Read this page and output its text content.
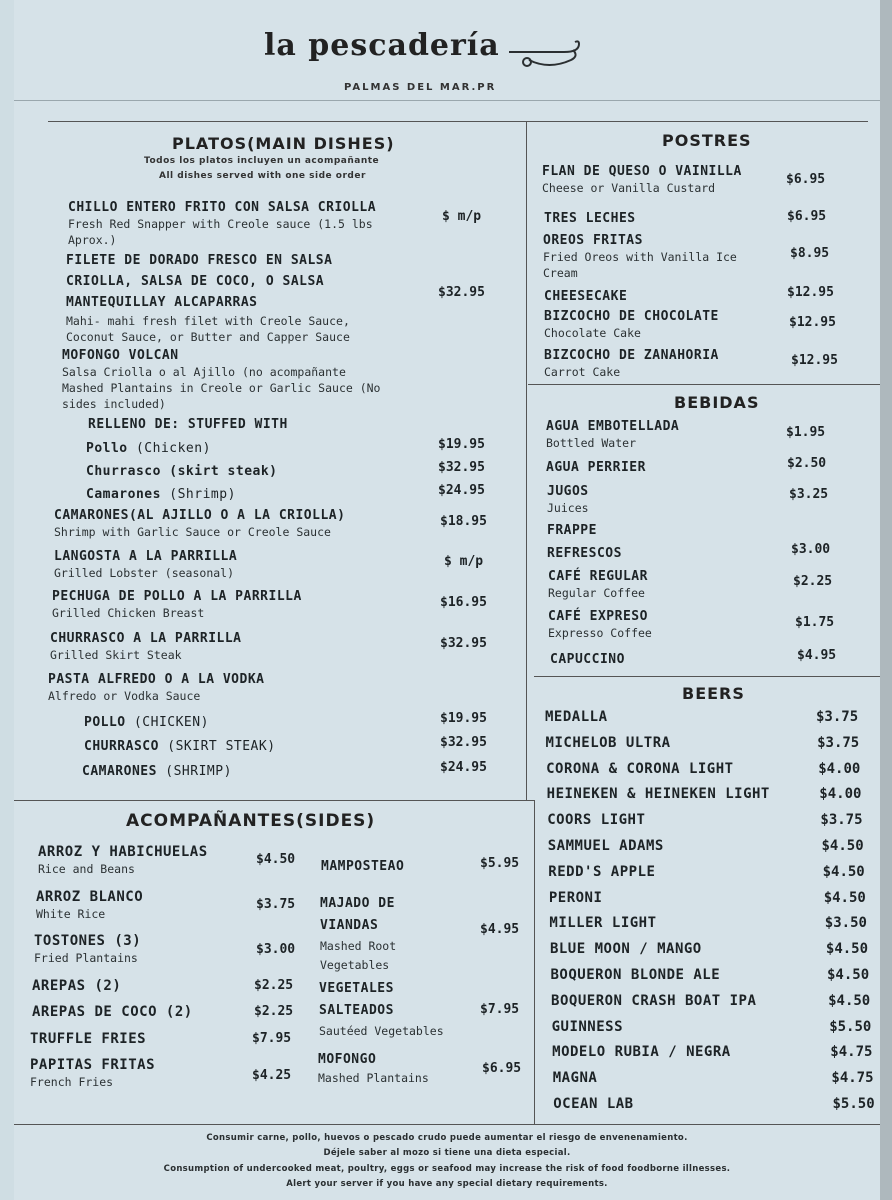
la pescadería
PALMAS DEL MAR.PR
PLATOS(MAIN DISHES)
Todos los platos incluyen un acompañante
All dishes served with one side order
CHILLO ENTERO FRITO CON SALSA CRIOLLA
Fresh Red Snapper with Creole sauce (1.5 lbs
Aprox.)
$ m/p
FILETE DE DORADO FRESCO EN SALSA
CRIOLLA, SALSA DE COCO, O SALSA
MANTEQUILLAY ALCAPARRAS
Mahi- mahi fresh filet with Creole Sauce,
Coconut Sauce, or Butter and Capper Sauce
$32.95
MOFONGO VOLCAN
Salsa Criolla o al Ajillo (no acompañante
Mashed Plantains in Creole or Garlic Sauce (No
sides included)
RELLENO DE: STUFFED WITH
Pollo (Chicken)	$19.95
Churrasco (skirt steak)	$32.95
Camarones (Shrimp)	$24.95
CAMARONES(AL AJILLO O A LA CRIOLLA)
Shrimp with Garlic Sauce or Creole Sauce
$18.95
LANGOSTA A LA PARRILLA
Grilled Lobster (seasonal)
$ m/p
PECHUGA DE POLLO A LA PARRILLA
Grilled Chicken Breast
$16.95
CHURRASCO A LA PARRILLA
Grilled Skirt Steak
$32.95
PASTA ALFREDO O A LA VODKA
Alfredo or Vodka Sauce
POLLO (CHICKEN)	$19.95
CHURRASCO (SKIRT STEAK)	$32.95
CAMARONES (SHRIMP)	$24.95
ACOMPAÑANTES(SIDES)
ARROZ Y HABICHUELAS
Rice and Beans
$4.50
ARROZ BLANCO
White Rice
$3.75
TOSTONES (3)
Fried Plantains
$3.00
AREPAS (2)	$2.25
AREPAS DE COCO (2)	$2.25
TRUFFLE FRIES	$7.95
PAPITAS FRITAS
French Fries	$4.25
MAMPOSTEAO	$5.95
MAJADO DE
VIANDAS
Mashed Root
Vegetables
$4.95
VEGETALES
SALTEADOS
Sautéed Vegetables
$7.95
MOFONGO
Mashed Plantains
$6.95
POSTRES
FLAN DE QUESO O VAINILLA
Cheese or Vanilla Custard
$6.95
TRES LECHES	$6.95
OREOS FRITAS
Fried Oreos with Vanilla Ice
Cream
$8.95
CHEESECAKE	$12.95
BIZCOCHO DE CHOCOLATE
Chocolate Cake
$12.95
BIZCOCHO DE ZANAHORIA
Carrot Cake
$12.95
BEBIDAS
AGUA EMBOTELLADA
Bottled Water
$1.95
AGUA PERRIER	$2.50
JUGOS
Juices
$3.25
FRAPPE
REFRESCOS	$3.00
CAFÉ REGULAR
Regular Coffee
$2.25
CAFÉ EXPRESO
Expresso Coffee
$1.75
CAPUCCINO	$4.95
BEERS
MEDALLA	$3.75
MICHELOB ULTRA	$3.75
CORONA & CORONA LIGHT	$4.00
HEINEKEN & HEINEKEN LIGHT	$4.00
COORS LIGHT	$3.75
SAMMUEL ADAMS	$4.50
REDD'S APPLE	$4.50
PERONI	$4.50
MILLER LIGHT	$3.50
BLUE MOON / MANGO	$4.50
BOQUERON BLONDE ALE	$4.50
BOQUERON CRASH BOAT IPA	$4.50
GUINNESS	$5.50
MODELO RUBIA / NEGRA	$4.75
MAGNA	$4.75
OCEAN LAB	$5.50
Consumir carne, pollo, huevos o pescado crudo puede aumentar el riesgo de envenenamiento.
Déjele saber al mozo si tiene una dieta especial.
Consumption of undercooked meat, poultry, eggs or seafood may increase the risk of food foodborne illnesses.
Alert your server if you have any special dietary requirements.
